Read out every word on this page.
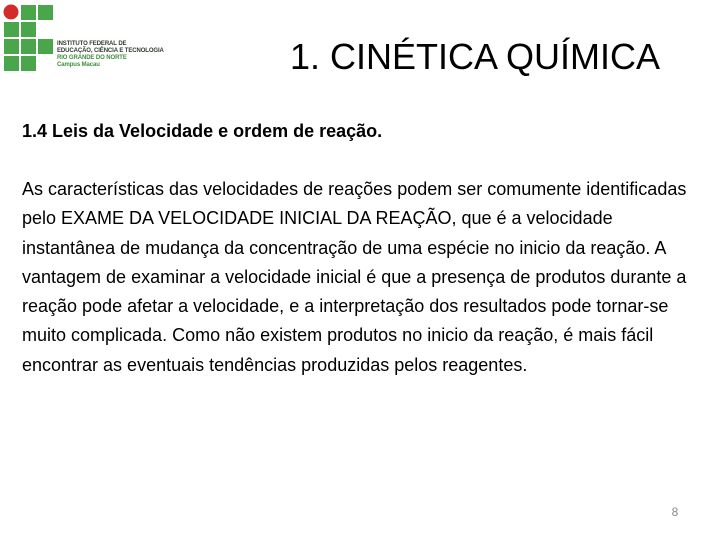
INSTITUTO FEDERAL DE
EDUCAÇÃO, CIÊNCIA E TECNOLOGIA
RIO GRANDE DO NORTE
Campus Macau	1. CINÉTICA QUÍMICA
1.4 Leis da Velocidade e ordem de reação.

As características das velocidades de reações podem ser comumente identificadas pelo EXAME DA VELOCIDADE INICIAL DA REAÇÃO, que é a velocidade instantânea de mudança da concentração de uma espécie no inicio da reação. A vantagem de examinar a velocidade inicial é que a presença de produtos durante a reação pode afetar a velocidade, e a interpretação dos resultados pode tornar-se muito complicada. Como não existem produtos no inicio da reação, é mais fácil encontrar as eventuais tendências produzidas pelos reagentes.

8
